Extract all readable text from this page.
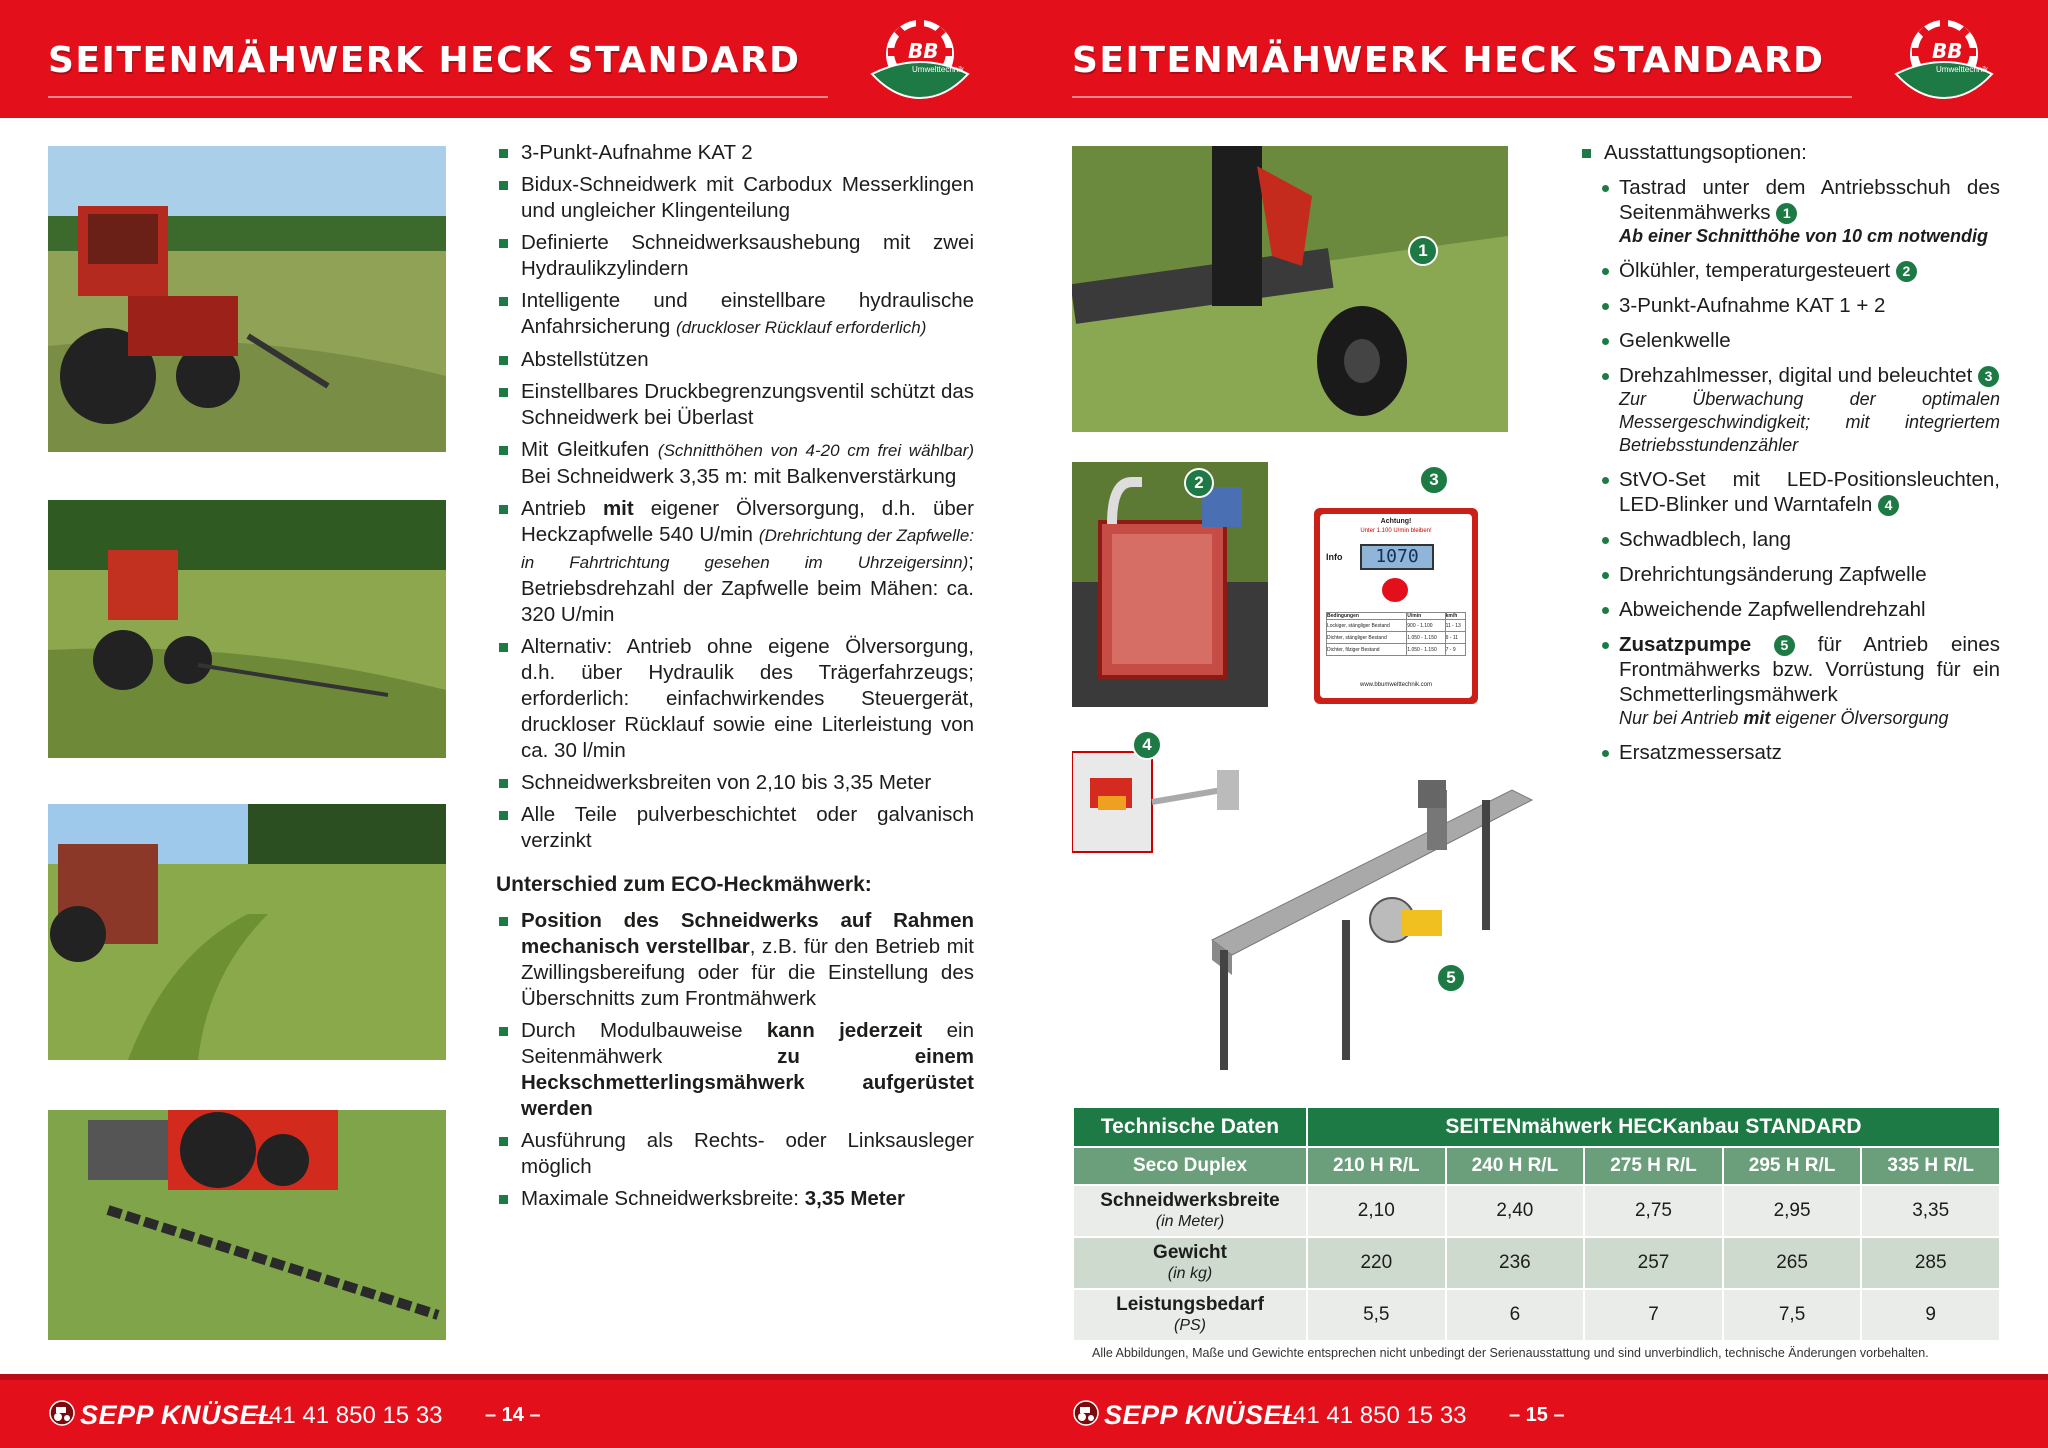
SEITENMÄHWERK HECK STANDARD	BB
Umwelttechnik
3-Punkt-Aufnahme KAT 2
Bidux-Schneidwerk mit Carbodux Messerklingen und ungleicher Klingenteilung
Definierte Schneidwerksaushebung mit zwei Hydraulikzylindern
Intelligente und einstellbare hydraulische Anfahrsicherung (druckloser Rücklauf erforderlich)
Abstellstützen
Einstellbares Druckbegrenzungsventil schützt das Schneidwerk bei Überlast
Mit Gleitkufen (Schnitthöhen von 4-20 cm frei wählbar) Bei Schneidwerk 3,35 m: mit Balkenverstärkung
Antrieb mit eigener Ölversorgung, d.h. über Heckzapfwelle 540 U/min (Drehrichtung der Zapfwelle: in Fahrtrichtung gesehen im Uhrzeigersinn); Betriebsdrehzahl der Zapfwelle beim Mähen: ca. 320 U/min
Alternativ: Antrieb ohne eigene Ölversorgung, d.h. über Hydraulik des Trägerfahrzeugs; erforderlich: einfachwirkendes Steuergerät, druckloser Rücklauf sowie eine Literleistung von ca. 30 l/min
Schneidwerksbreiten von 2,10 bis 3,35 Meter
Alle Teile pulverbeschichtet oder galvanisch verzinkt
Unterschied zum ECO-Heckmähwerk:
Position des Schneidwerks auf Rahmen mechanisch verstellbar, z.B. für den Betrieb mit Zwillingsbereifung oder für die Einstellung des Überschnitts zum Frontmähwerk
Durch Modulbauweise kann jederzeit ein Seitenmähwerk	zu einem Heckschmetterlingsmähwerk aufgerüstet werden
Ausführung als Rechts- oder Linksausleger möglich
Maximale Schneidwerksbreite: 3,35 Meter
SEPP KNÜSEL
+41 41 850 15 33 – 14 –
SEITENMÄHWERK HECK STANDARD	BB
Umwelttechnik
Achtung!
Unter 1.100 U/min bleiben!
Info	1070
Bedingungen	U/min	km/h
Lockiger, stängliger Bestand	900 - 1.100	11 - 13
Dichter, stängliger Bestand	1.050 - 1.150	9 - 11
Dichter, filziger Bestand	1.050 - 1.150	7 - 9
www.bbumwelttechnik.com
1
2	3
4
5
SEPP KNÜSEL
+41 41 850 15 33 – 15 –
Ausstattungsoptionen:
Tastrad unter dem Antriebsschuh des Seitenmähwerks 1
Ab einer Schnitthöhe von 10 cm notwendig
Ölkühler, temperaturgesteuert 2
3-Punkt-Aufnahme KAT 1 + 2
Gelenkwelle
Drehzahlmesser, digital und beleuchtet 3
Zur Überwachung der optimalen Messergeschwindigkeit; mit integriertem Betriebsstundenzähler
StVO-Set mit LED-Positionsleuchten, LED-Blinker und Warntafeln 4
Schwadblech, lang
Drehrichtungsänderung Zapfwelle
Abweichende Zapfwellendrehzahl
Zusatzpumpe 5 für Antrieb eines Frontmähwerks bzw. Vorrüstung für ein Schmetterlingsmähwerk
Nur bei Antrieb mit eigener Ölversorgung
Ersatzmessersatz
Technische Daten	SEITENmähwerk HECKanbau STANDARD				
Seco Duplex	210 H R/L	240 H R/L	275 H R/L	295 H R/L	335 H R/L
Schneidwerksbreite
(in Meter)	2,10	2,40	2,75	2,95	3,35
Gewicht
(in kg)	220	236	257	265	285
Leistungsbedarf
(PS)	5,5	6	7	7,5	9
Alle Abbildungen, Maße und Gewichte entsprechen nicht unbedingt der Serienausstattung und sind unverbindlich, technische Änderungen vorbehalten.
